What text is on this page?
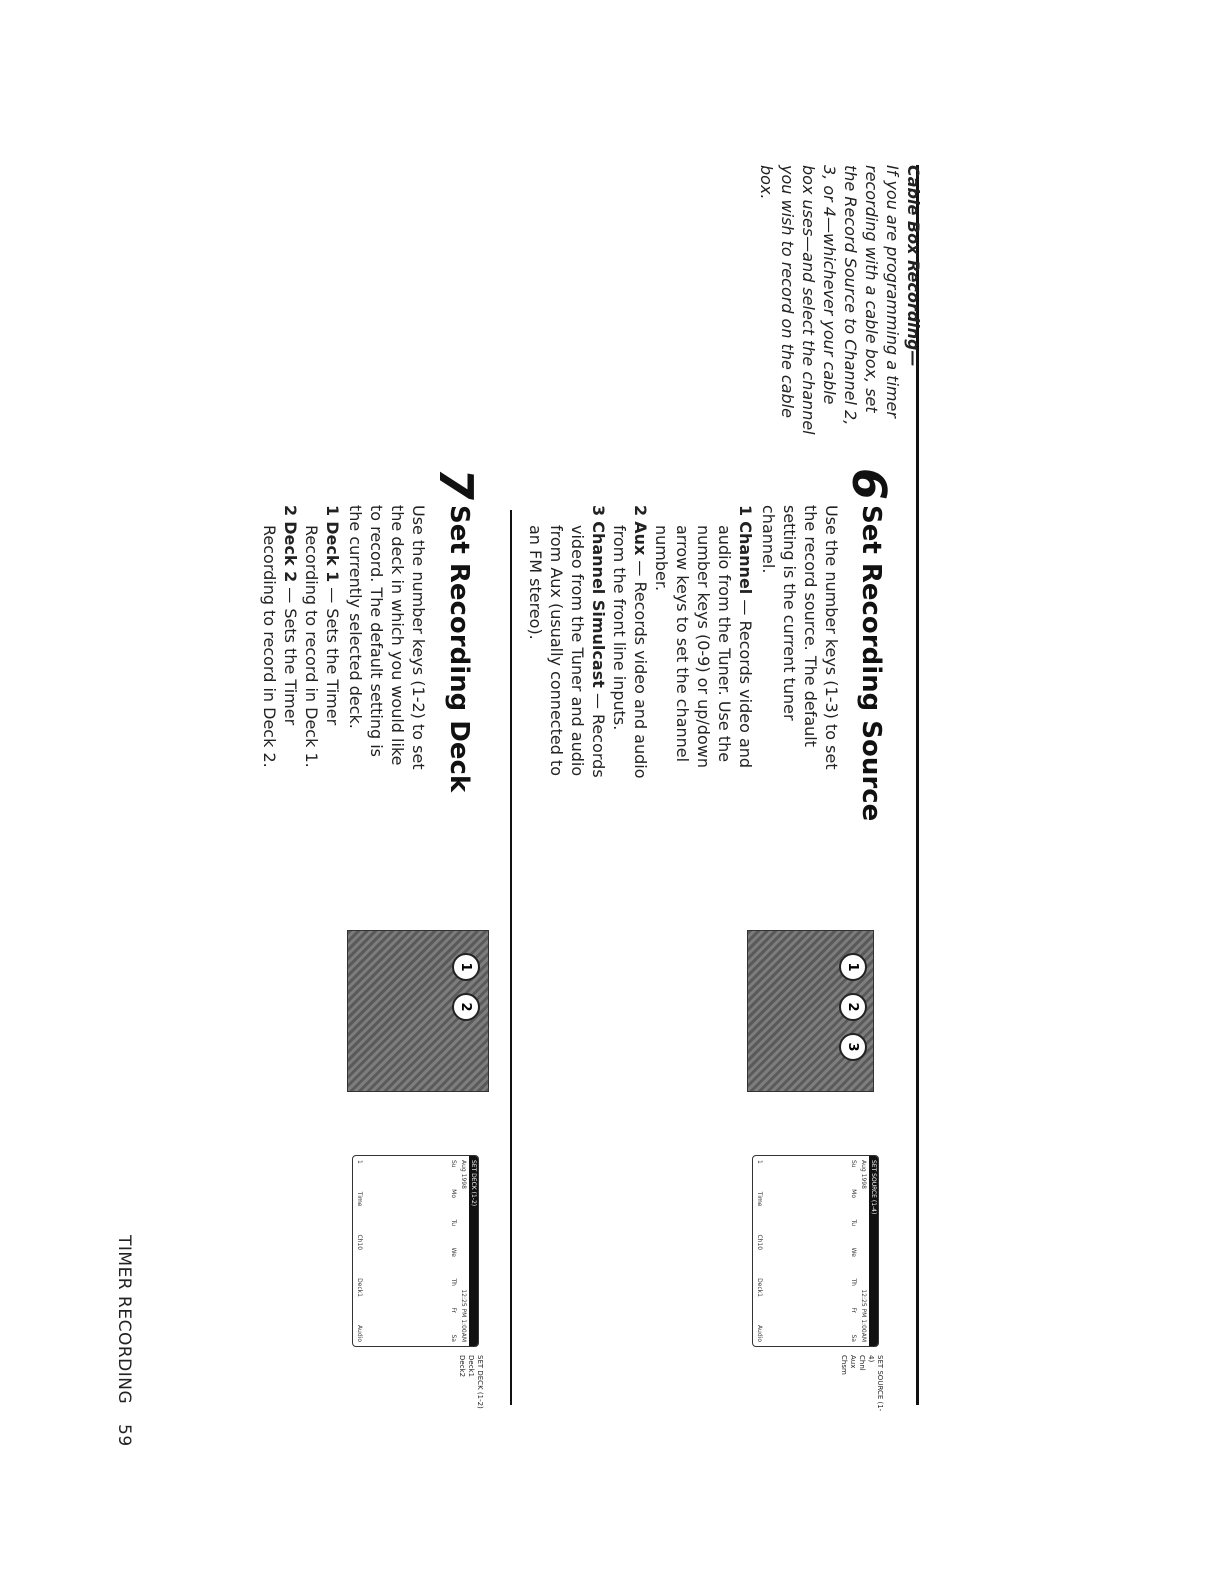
Cable Box Recording—
If you are programming a timer recording with a cable box, set the Record Source to Channel 2, 3, or 4—whichever your cable box uses—and select the channel you wish to record on the cable box.
6
Set Recording Source

Use the number keys (1-3) to set the record source. The default setting is the current tuner channel.

1 Channel — Records video and audio from the Tuner. Use the number keys (0-9) or up/down arrow keys to set the channel number.

2 Aux — Records video and audio from the front line inputs.

3 Channel Simulcast — Records video from the Tuner and audio from Aux (usually connected to an FM stereo).

1
2
3
SET SOURCE (1-4)
Aug 1998
12:25 PM 1:00AM
Su
Mo
Tu
We
Th
Fr
Sa
1
Time
Ch10
Deck1
Audio
SET SOURCE (1-4)
Chnl
Aux
Chsm
7
Set Recording Deck

Use the number keys (1-2) to set the deck in which you would like to record. The default setting is the currently selected deck.

1 Deck 1 — Sets the Timer Recording to record in Deck 1.

2 Deck 2 — Sets the Timer Recording to record in Deck 2.

1
2
SET DECK (1-2)
Aug 1998
12:25 PM 1:00AM
Su
Mo
Tu
We
Th
Fr
Sa
1
Time
Ch10
Deck1
Audio
SET DECK (1-2)
Deck1
Deck2
TIMER RECORDING 59
